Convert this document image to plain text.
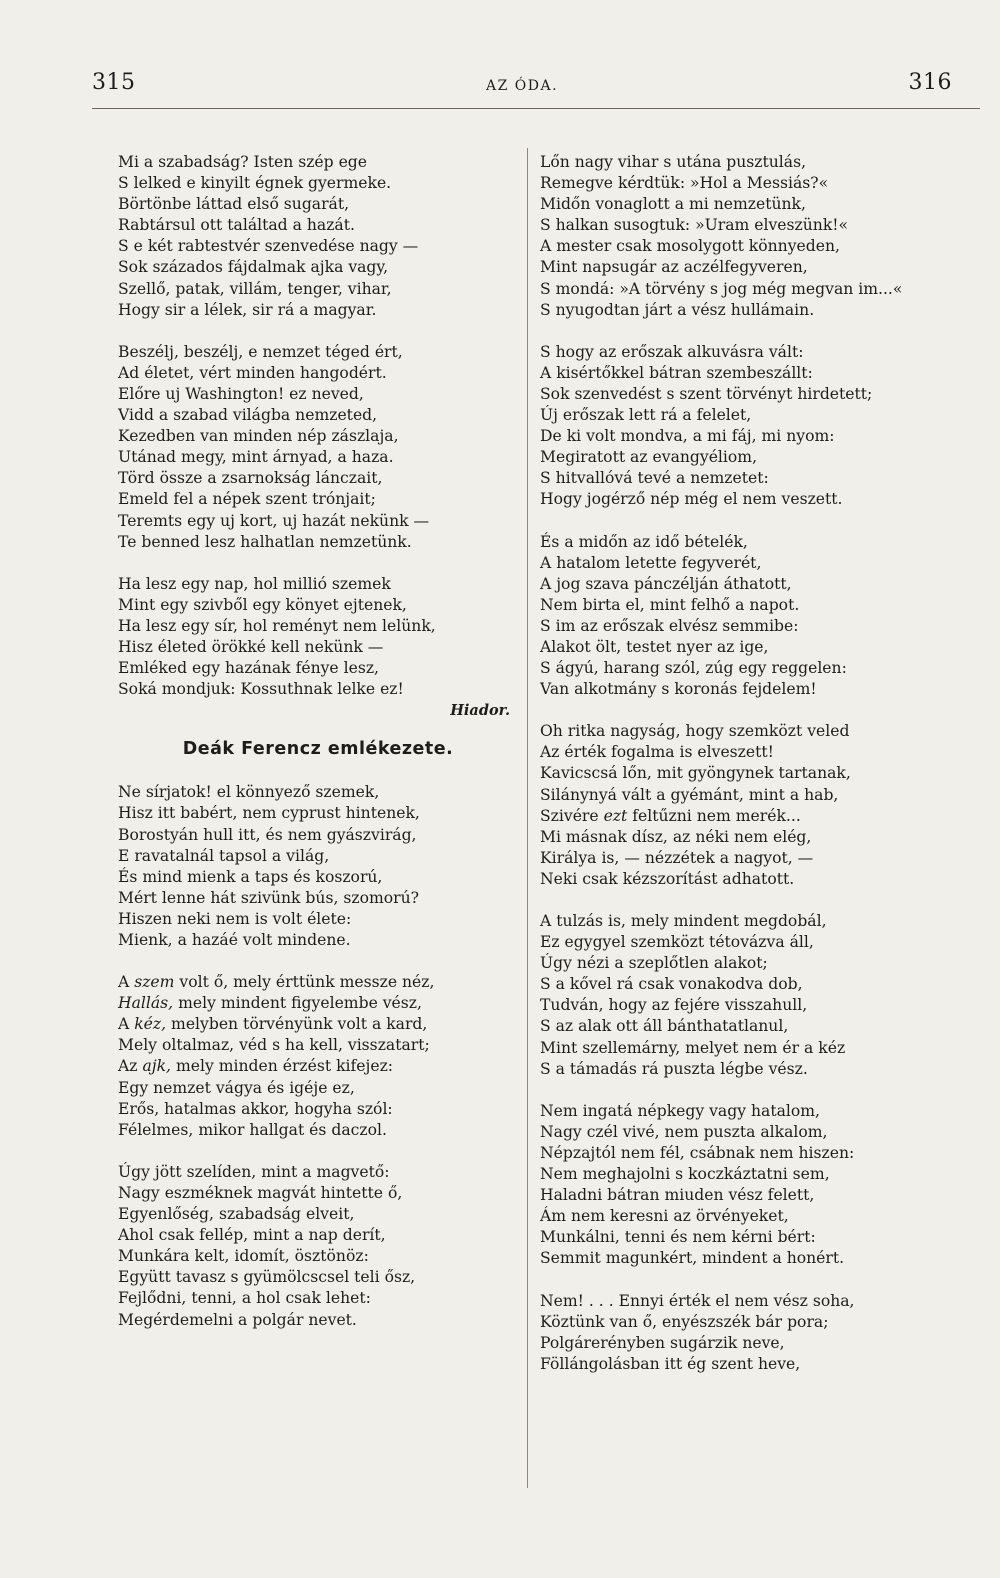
315	AZ ÓDA.	316
Mi a szabadság? Isten szép ege
S lelked e kinyilt égnek gyermeke.
Börtönbe láttad első sugarát,
Rabtársul ott találtad a hazát.
S e két rabtestvér szenvedése nagy —
Sok százados fájdalmak ajka vagy,
Szellő, patak, villám, tenger, vihar,
Hogy sir a lélek, sir rá a magyar.
Beszélj, beszélj, e nemzet téged ért,
Ad életet, vért minden hangodért.
Előre uj Washington! ez neved,
Vidd a szabad világba nemzeted,
Kezedben van minden nép zászlaja,
Utánad megy, mint árnyad, a haza.
Törd össze a zsarnokság lánczait,
Emeld fel a népek szent trónjait;
Teremts egy uj kort, uj hazát nekünk —
Te benned lesz halhatlan nemzetünk.
Ha lesz egy nap, hol millió szemek
Mint egy szivből egy könyet ejtenek,
Ha lesz egy sír, hol reményt nem lelünk,
Hisz életed örökké kell nekünk —
Emléked egy hazának fénye lesz,
Soká mondjuk: Kossuthnak lelke ez!
Hiador.
Deák Ferencz emlékezete.
Ne sírjatok! el könnyező szemek,
Hisz itt babért, nem cyprust hintenek,
Borostyán hull itt, és nem gyászvirág,
E ravatalnál tapsol a világ,
És mind mienk a taps és koszorú,
Mért lenne hát szivünk bús, szomorú?
Hiszen neki nem is volt élete:
Mienk, a hazáé volt mindene.
A szem volt ő, mely érttünk messze néz,
Hallás, mely mindent figyelembe vész,
A kéz, melyben törvényünk volt a kard,
Mely oltalmaz, véd s ha kell, visszatart;
Az ajk, mely minden érzést kifejez:
Egy nemzet vágya és igéje ez,
Erős, hatalmas akkor, hogyha szól:
Félelmes, mikor hallgat és daczol.
Úgy jött szelíden, mint a magvető:
Nagy eszméknek magvát hintette ő,
Egyenlőség, szabadság elveit,
Ahol csak fellép, mint a nap derít,
Munkára kelt, idomít, ösztönöz:
Együtt tavasz s gyümölcscsel teli ősz,
Fejlődni, tenni, a hol csak lehet:
Megérdemelni a polgár nevet.
Lőn nagy vihar s utána pusztulás,
Remegve kérdtük: »Hol a Messiás?«
Midőn vonaglott a mi nemzetünk,
S halkan susogtuk: »Uram elveszünk!«
A mester csak mosolygott könnyeden,
Mint napsugár az aczélfegyveren,
S mondá: »A törvény s jog még megvan im...«
S nyugodtan járt a vész hullámain.
S hogy az erőszak alkuvásra vált:
A kisértőkkel bátran szembeszállt:
Sok szenvedést s szent törvényt hirdetett;
Új erőszak lett rá a felelet,
De ki volt mondva, a mi fáj, mi nyom:
Megiratott az evangyéliom,
S hitvallóvá tevé a nemzetet:
Hogy jogérző nép még el nem veszett.
És a midőn az idő bételék,
A hatalom letette fegyverét,
A jog szava pánczélján áthatott,
Nem birta el, mint felhő a napot.
S im az erőszak elvész semmibe:
Alakot ölt, testet nyer az ige,
S ágyú, harang szól, zúg egy reggelen:
Van alkotmány s koronás fejdelem!
Oh ritka nagyság, hogy szemközt veled
Az érték fogalma is elveszett!
Kavicscsá lőn, mit gyöngynek tartanak,
Silánynyá vált a gyémánt, mint a hab,
Szivére ezt feltűzni nem merék...
Mi másnak dísz, az néki nem elég,
Királya is, — nézzétek a nagyot, —
Neki csak kézszorítást adhatott.
A tulzás is, mely mindent megdobál,
Ez egygyel szemközt tétovázva áll,
Úgy nézi a szeplőtlen alakot;
S a kővel rá csak vonakodva dob,
Tudván, hogy az fejére visszahull,
S az alak ott áll bánthatatlanul,
Mint szellemárny, melyet nem ér a kéz
S a támadás rá puszta légbe vész.
Nem ingatá népkegy vagy hatalom,
Nagy czél vivé, nem puszta alkalom,
Népzajtól nem fél, csábnak nem hiszen:
Nem meghajolni s koczkáztatni sem,
Haladni bátran miuden vész felett,
Ám nem keresni az örvényeket,
Munkálni, tenni és nem kérni bért:
Semmit magunkért, mindent a honért.
Nem! . . . Ennyi érték el nem vész soha,
Köztünk van ő, enyészszék bár pora;
Polgárerényben sugárzik neve,
Föllángolásban itt ég szent heve,
